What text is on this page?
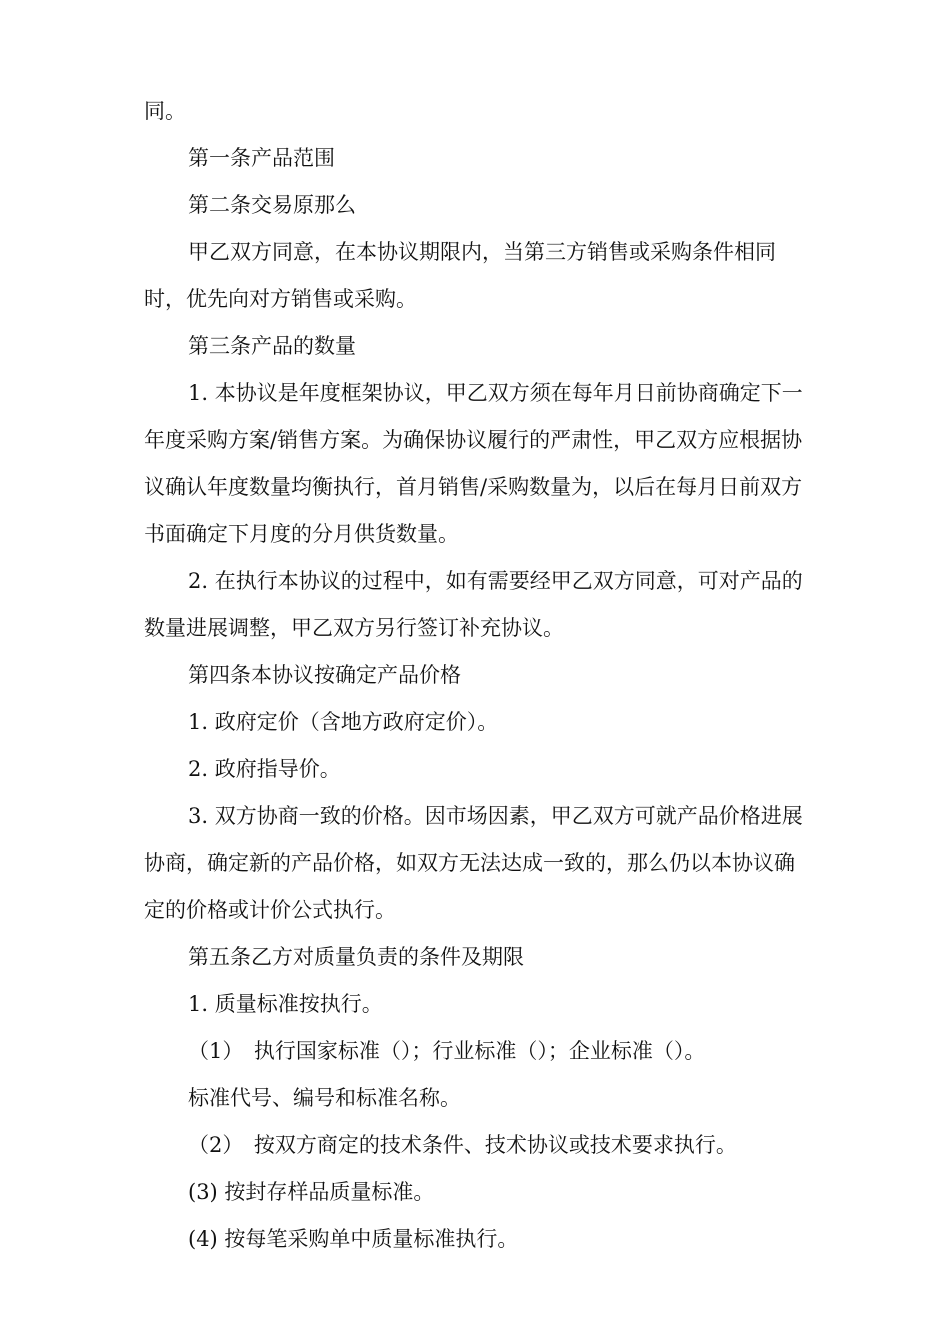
同。

第一条产品范围

第二条交易原那么

甲乙双方同意，在本协议期限内，当第三方销售或采购条件相同时，优先向对方销售或采购。

第三条产品的数量

1. 本协议是年度框架协议，甲乙双方须在每年月日前协商确定下一年度采购方案/销售方案。为确保协议履行的严肃性，甲乙双方应根据协议确认年度数量均衡执行，首月销售/采购数量为，以后在每月日前双方书面确定下月度的分月供货数量。

2. 在执行本协议的过程中，如有需要经甲乙双方同意，可对产品的数量进展调整，甲乙双方另行签订补充协议。

第四条本协议按确定产品价格

1. 政府定价（含地方政府定价）。

2. 政府指导价。

3. 双方协商一致的价格。因市场因素，甲乙双方可就产品价格进展协商，确定新的产品价格，如双方无法达成一致的，那么仍以本协议确定的价格或计价公式执行。

第五条乙方对质量负责的条件及期限

1. 质量标准按执行。

（1）　执行国家标准（）；行业标准（）；企业标准（）。

标准代号、编号和标准名称。

（2）　按双方商定的技术条件、技术协议或技术要求执行。

(3) 按封存样品质量标准。

(4) 按每笔采购单中质量标准执行。
